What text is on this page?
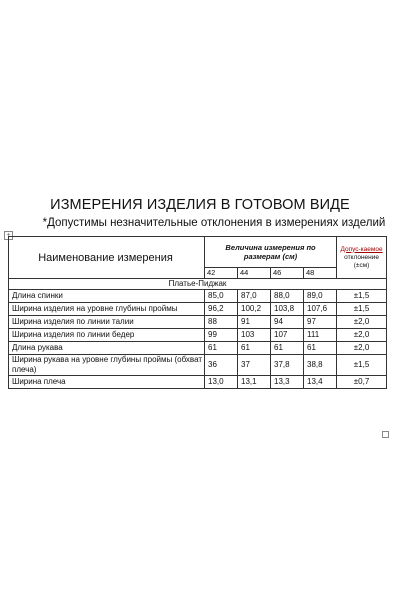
ИЗМЕРЕНИЯ ИЗДЕЛИЯ В ГОТОВОМ ВИДЕ
*Допустимы незначительные отклонения в измерениях изделий
+
Наименование измерения	Величина измерения по размерам (см)				Допус-каемое
отклонение
(±см)

	42	44	46	48	
Платье-Пиджак					
Длина спинки	85,0	87,0	88,0	89,0	±1,5
Ширина изделия на уровне глубины проймы	96,2	100,2	103,8	107,6	±1,5
Ширина изделия по линии талии	88	91	94	97	±2,0
Ширина изделия по линии бедер	99	103	107	111	±2,0
Длина рукава	61	61	61	61	±2,0
Ширина рукава на уровне глубины проймы (обхват плеча)	36	37	37,8	38,8	±1,5
Ширина плеча	13,0	13,1	13,3	13,4	±0,7
